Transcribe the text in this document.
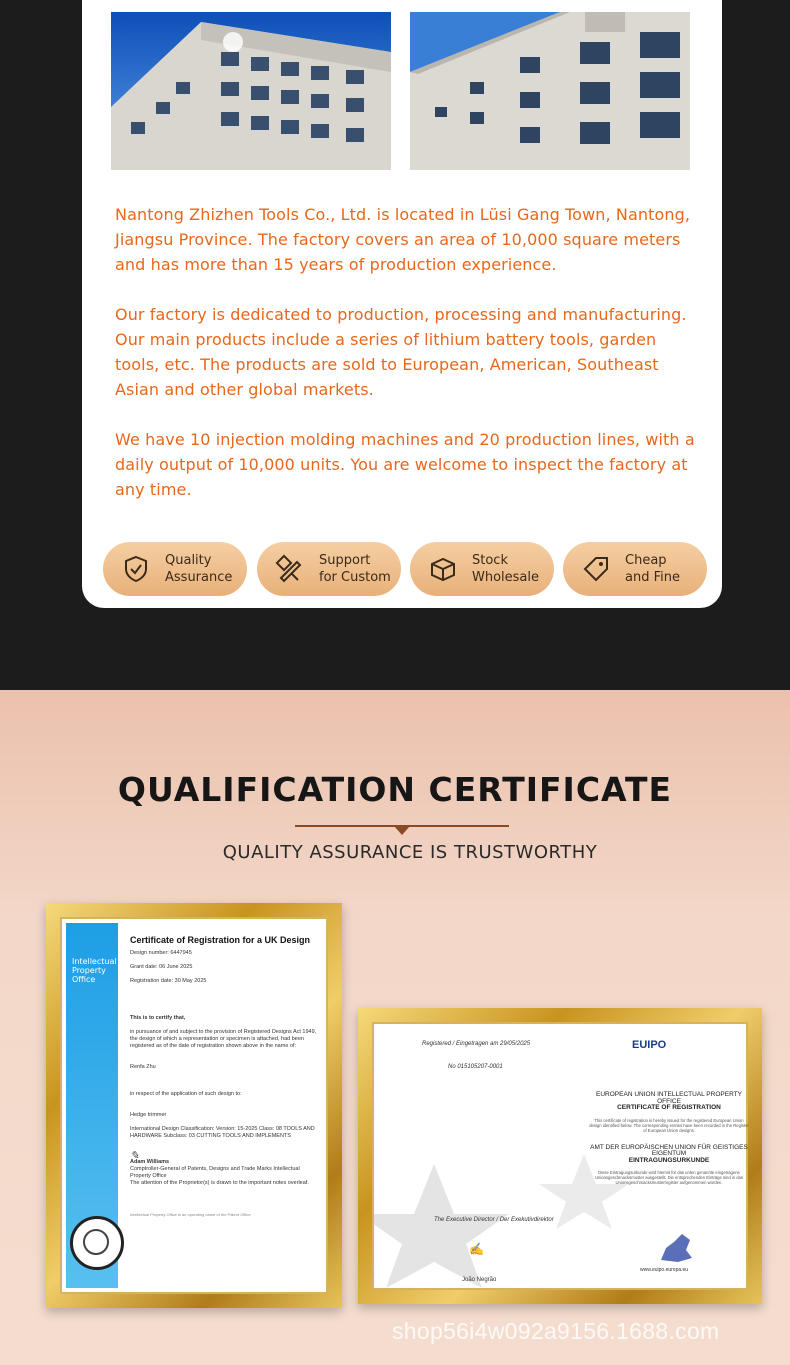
Nantong Zhizhen Tools Co., Ltd. is located in Lüsi Gang Town, Nantong, Jiangsu Province. The factory covers an area of 10,000 square meters and has more than 15 years of production experience.
Our factory is dedicated to production, processing and manufacturing. Our main products include a series of lithium battery tools, garden tools, etc. The products are sold to European, American, Southeast Asian and other global markets.
We have 10 injection molding machines and 20 production lines, with a daily output of 10,000 units. You are welcome to inspect the factory at any time.
Quality
Assurance
Support
for Custom
Stock
Wholesale
Cheap
and Fine
QUALIFICATION CERTIFICATE
QUALITY ASSURANCE IS TRUSTWORTHY
Intellectual
Property
Office
Certificate of Registration for a UK Design
Design number: 6447945
Grant date: 06 June 2025
Registration date: 30 May 2025
This is to certify that,
in pursuance of and subject to the provision of Registered Designs Act 1949, the design of which a representation or specimen is attached, had been registered as of the date of registration shown above in the name of:
Renfa Zhu
in respect of the application of such design to:
Hedge trimmer
International Design Classification: Version: 15-2025 Class: 08 TOOLS AND HARDWARE Subclass: 03 CUTTING TOOLS AND IMPLEMENTS
✎
Adam Williams
Comptroller-General of Patents, Designs and Trade Marks Intellectual Property Office
The attention of the Proprietor(s) is drawn to the important notes overleaf.
Intellectual Property Office is an operating name of the Patent Office
Registered / Eingetragen am 29/05/2025
No 015105207-0001
EUIPO
EUROPEAN UNION INTELLECTUAL PROPERTY OFFICE
CERTIFICATE OF REGISTRATION
This certificate of registration is hereby issued for the registered European Union design identified below. The corresponding entries have been recorded in the Register of European Union designs.
AMT DER EUROPÄISCHEN UNION FÜR GEISTIGES EIGENTUM
EINTRAGUNGSURKUNDE
Diese Eintragungsurkunde wird hiermit für das unten genannte eingetragene Unionsgeschmacksmuster ausgestellt. Die entsprechenden Einträge sind in das Unionsgeschmacksmusterregister aufgenommen worden.
The Executive Director / Der Exekutivdirektor
✍
João Negrão
www.euipo.europa.eu
shop56i4w092a9156.1688.com
